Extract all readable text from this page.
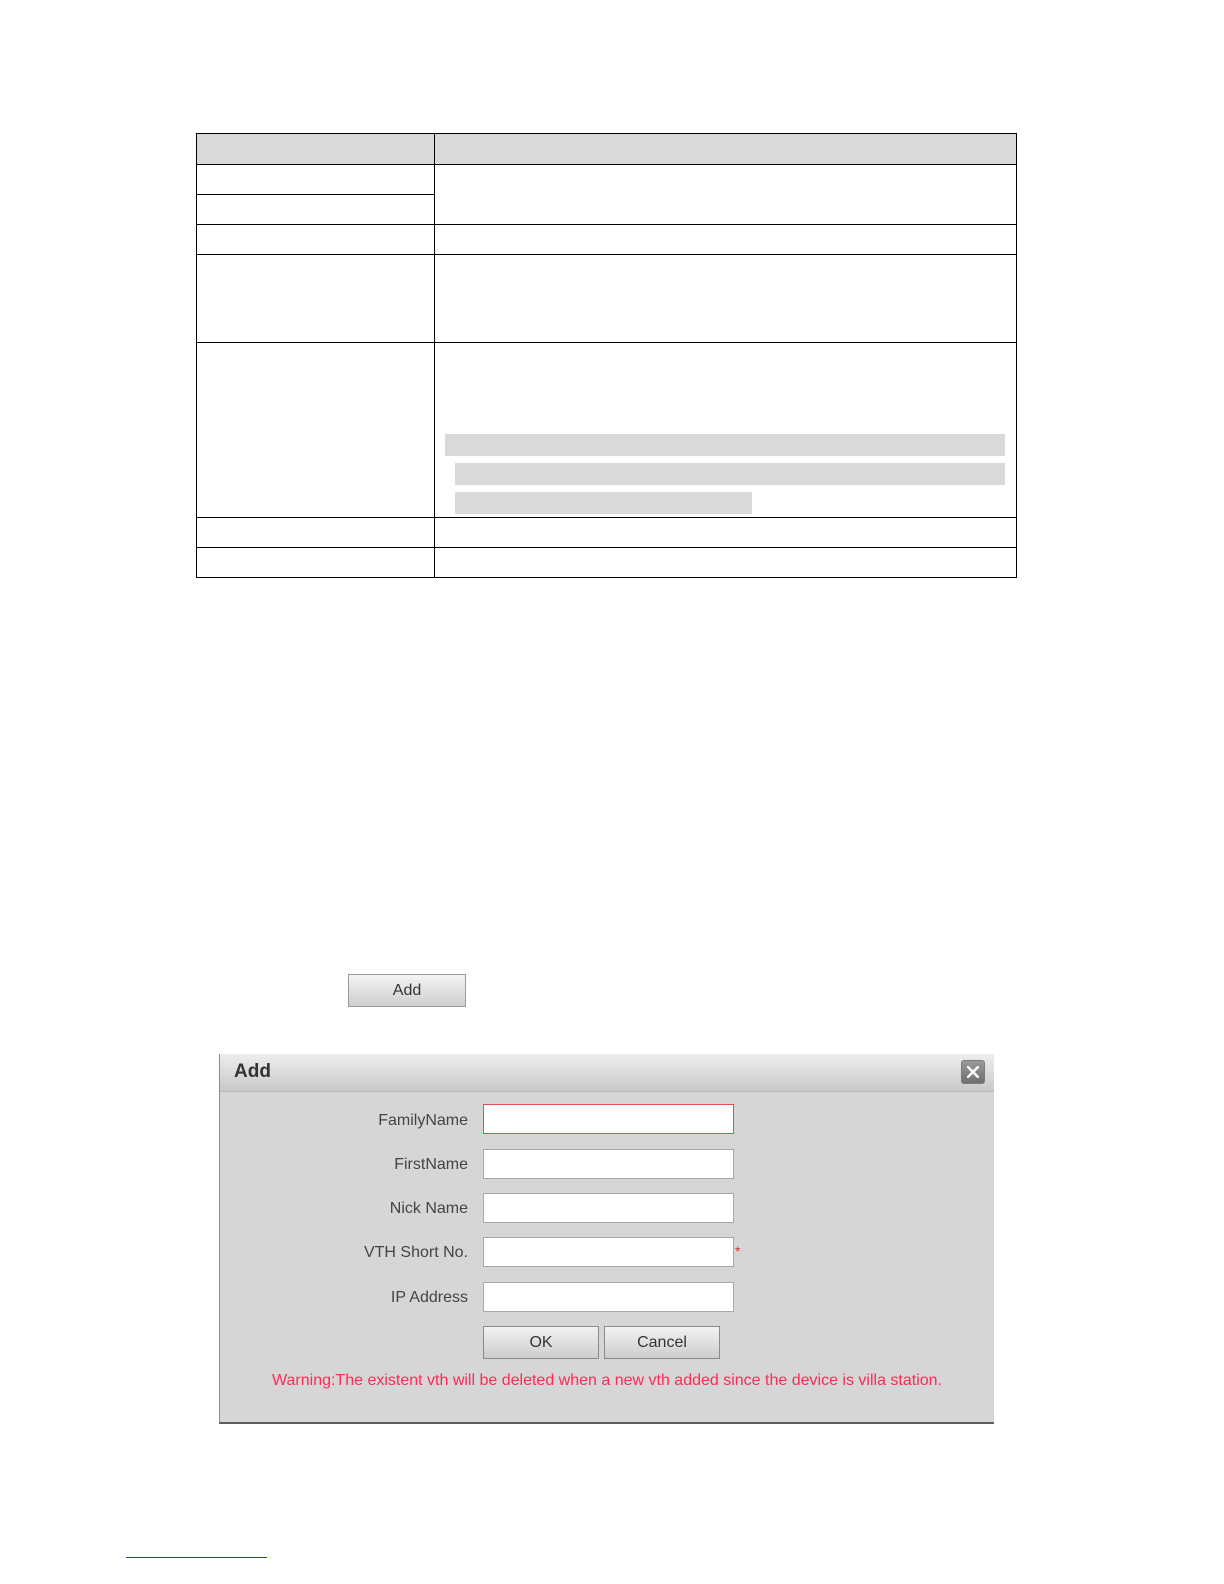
Add
Add
FamilyName
FirstName
Nick Name
VTH Short No.	*
IP Address
OK	Cancel
Warning:The existent vth will be deleted when a new vth added since the device is villa station.
